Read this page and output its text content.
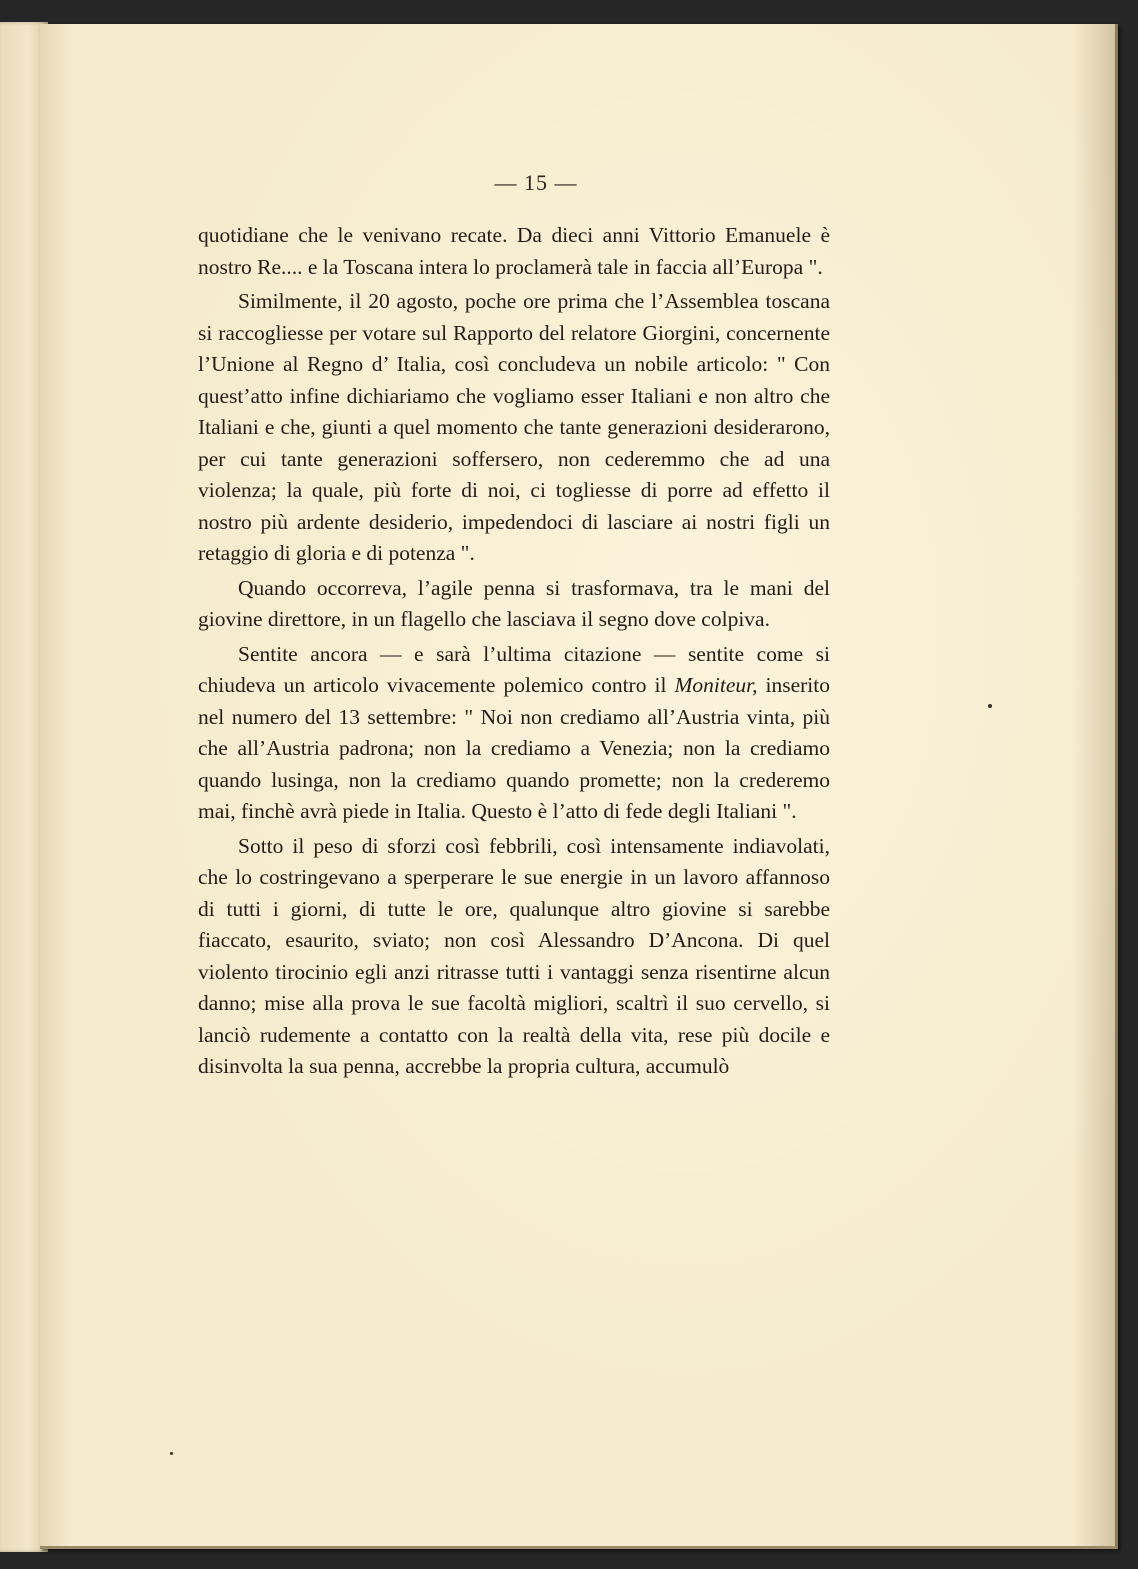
— 15 —

quotidiane che le venivano recate. Da dieci anni Vittorio Emanuele è nostro Re.... e la Toscana intera lo proclamerà tale in faccia all’Europa ".

Similmente, il 20 agosto, poche ore prima che l’Assemblea toscana si raccogliesse per votare sul Rapporto del relatore Giorgini, concernente l’Unione al Regno d’ Italia, così concludeva un nobile articolo: " Con quest’atto infine dichiariamo che vogliamo esser Italiani e non altro che Italiani e che, giunti a quel momento che tante generazioni desiderarono, per cui tante generazioni soffersero, non cederemmo che ad una violenza; la quale, più forte di noi, ci togliesse di porre ad effetto il nostro più ardente desiderio, impedendoci di lasciare ai nostri figli un retaggio di gloria e di potenza ".

Quando occorreva, l’agile penna si trasformava, tra le mani del giovine direttore, in un flagello che lasciava il segno dove colpiva.

Sentite ancora — e sarà l’ultima citazione — sentite come si chiudeva un articolo vivacemente polemico contro il Moniteur, inserito nel numero del 13 settembre: " Noi non crediamo all’Austria vinta, più che all’Austria padrona; non la crediamo a Venezia; non la crediamo quando lusinga, non la crediamo quando promette; non la crederemo mai, finchè avrà piede in Italia. Questo è l’atto di fede degli Italiani ".

Sotto il peso di sforzi così febbrili, così intensamente indiavolati, che lo costringevano a sperperare le sue energie in un lavoro affannoso di tutti i giorni, di tutte le ore, qualunque altro giovine si sarebbe fiaccato, esaurito, sviato; non così Alessandro D’Ancona. Di quel violento tirocinio egli anzi ritrasse tutti i vantaggi senza risentirne alcun danno; mise alla prova le sue facoltà migliori, scaltrì il suo cervello, si lanciò rudemente a contatto con la realtà della vita, rese più docile e disinvolta la sua penna, accrebbe la propria cultura, accumulò
